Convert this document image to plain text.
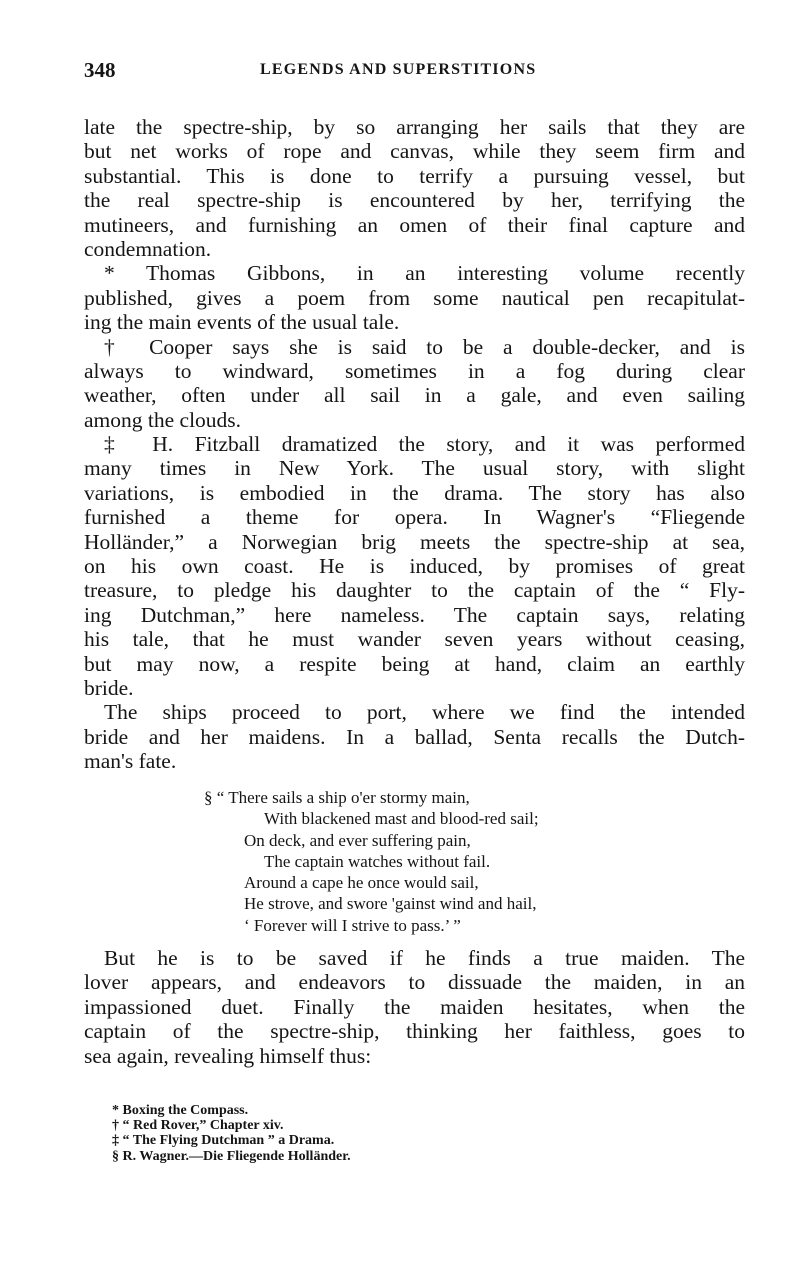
348	LEGENDS AND SUPERSTITIONS
late the spectre-ship, by so arranging her sails that they are
but net works of rope and canvas, while they seem firm and
substantial. This is done to terrify a pursuing vessel, but
the real spectre-ship is encountered by her, terrifying the
mutineers, and furnishing an omen of their final capture and
condemnation.
* Thomas Gibbons, in an interesting volume recently
published, gives a poem from some nautical pen recapitulat-
ing the main events of the usual tale.
† Cooper says she is said to be a double-decker, and is
always to windward, sometimes in a fog during clear
weather, often under all sail in a gale, and even sailing
among the clouds.
‡ H. Fitzball dramatized the story, and it was performed
many times in New York. The usual story, with slight
variations, is embodied in the drama. The story has also
furnished a theme for opera. In Wagner's “Fliegende
Holländer,” a Norwegian brig meets the spectre-ship at sea,
on his own coast. He is induced, by promises of great
treasure, to pledge his daughter to the captain of the “ Fly-
ing Dutchman,” here nameless. The captain says, relating
his tale, that he must wander seven years without ceasing,
but may now, a respite being at hand, claim an earthly
bride.
The ships proceed to port, where we find the intended
bride and her maidens. In a ballad, Senta recalls the Dutch-
man's fate.
§ “ There sails a ship o'er stormy main,
With blackened mast and blood-red sail;
On deck, and ever suffering pain,
The captain watches without fail.
Around a cape he once would sail,
He strove, and swore 'gainst wind and hail,
‘ Forever will I strive to pass.’ ”
But he is to be saved if he finds a true maiden. The
lover appears, and endeavors to dissuade the maiden, in an
impassioned duet. Finally the maiden hesitates, when the
captain of the spectre-ship, thinking her faithless, goes to
sea again, revealing himself thus:
* Boxing the Compass.
† “ Red Rover,” Chapter xiv.
‡ “ The Flying Dutchman ” a Drama.
§ R. Wagner.—Die Fliegende Holländer.
